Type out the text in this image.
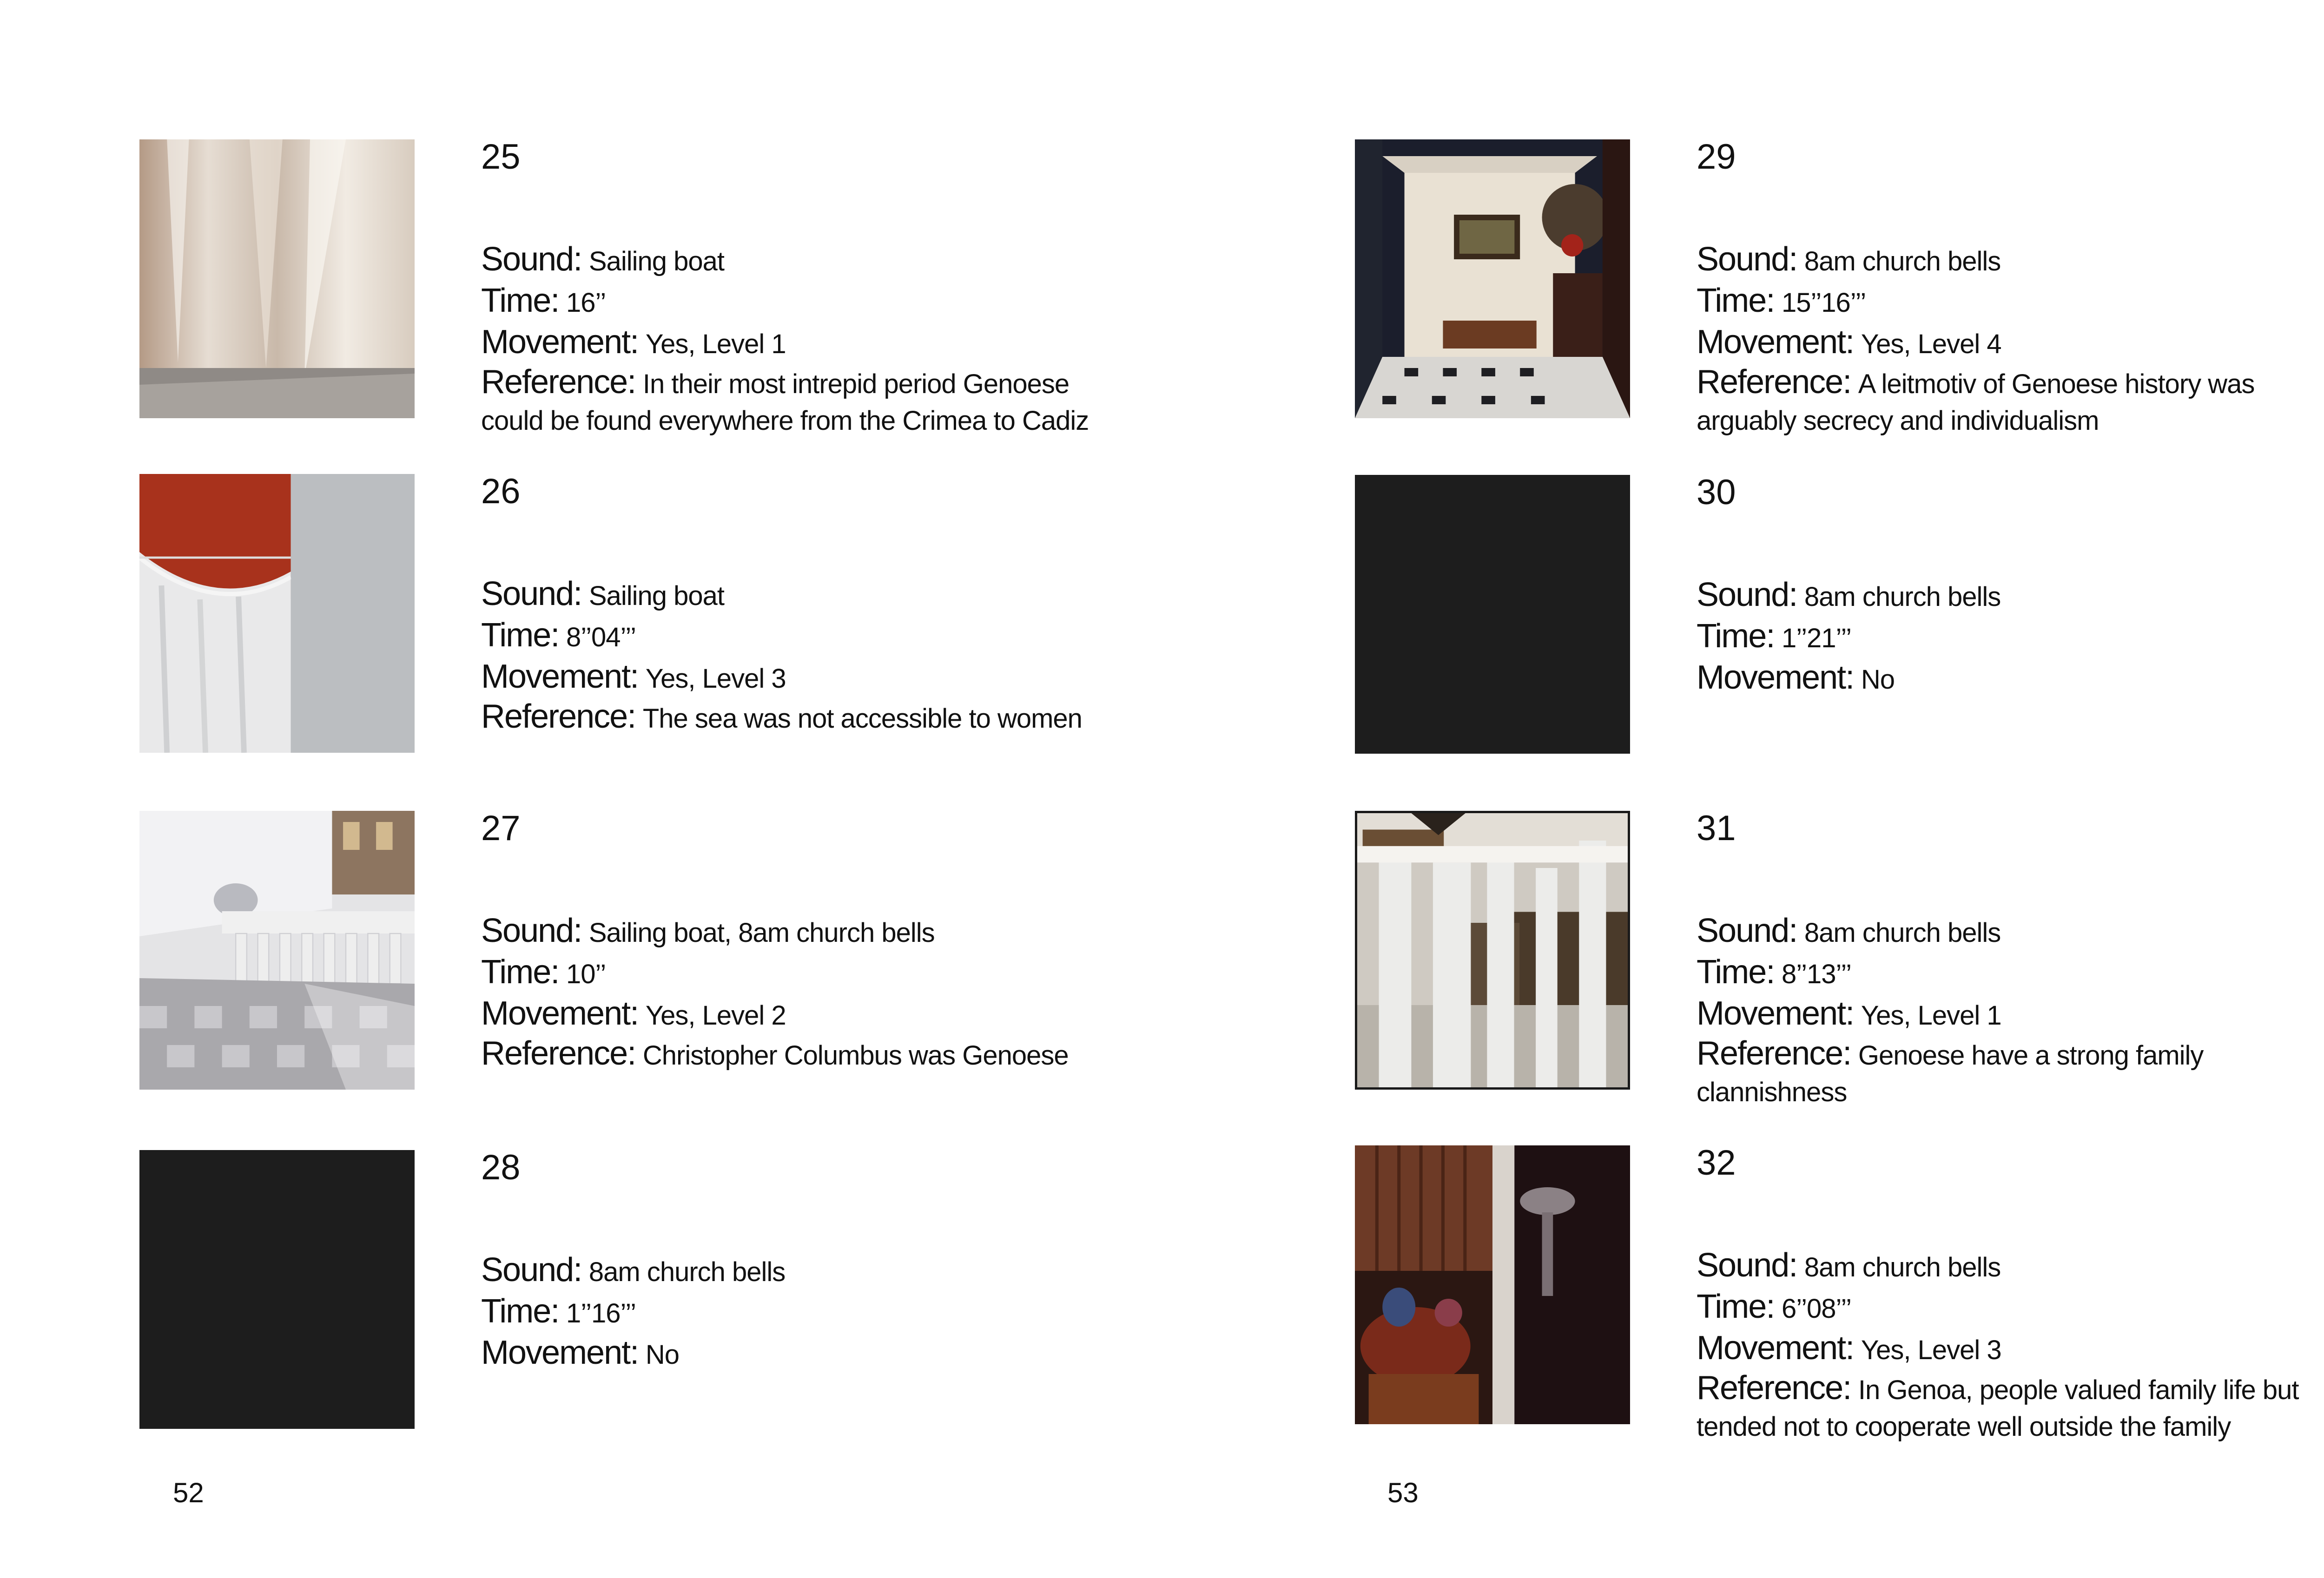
25
Sound: Sailing boat
Time: 16’’
Movement: Yes, Level 1
Reference: In their most intrepid period Genoese could be found everywhere from the Crimea to Cadiz
26
Sound: Sailing boat
Time: 8’’04’’’
Movement: Yes, Level 3
Reference: The sea was not accessible to women
27
Sound: Sailing boat, 8am church bells
Time: 10’’
Movement: Yes, Level 2
Reference: Christopher Columbus was Genoese
28
Sound: 8am church bells
Time: 1’’16’’’
Movement: No
52
29
Sound: 8am church bells
Time: 15’’16’’’
Movement: Yes, Level 4
Reference: A leitmotiv of Genoese history was arguably secrecy and individualism
30
Sound: 8am church bells
Time: 1’’21’’’
Movement: No
31
Sound: 8am church bells
Time: 8’’13’’’
Movement: Yes, Level 1
Reference: Genoese have a strong family clannishness
32
Sound: 8am church bells
Time: 6’’08’’’
Movement: Yes, Level 3
Reference: In Genoa, people valued family life but tended not to cooperate well outside the family
53
